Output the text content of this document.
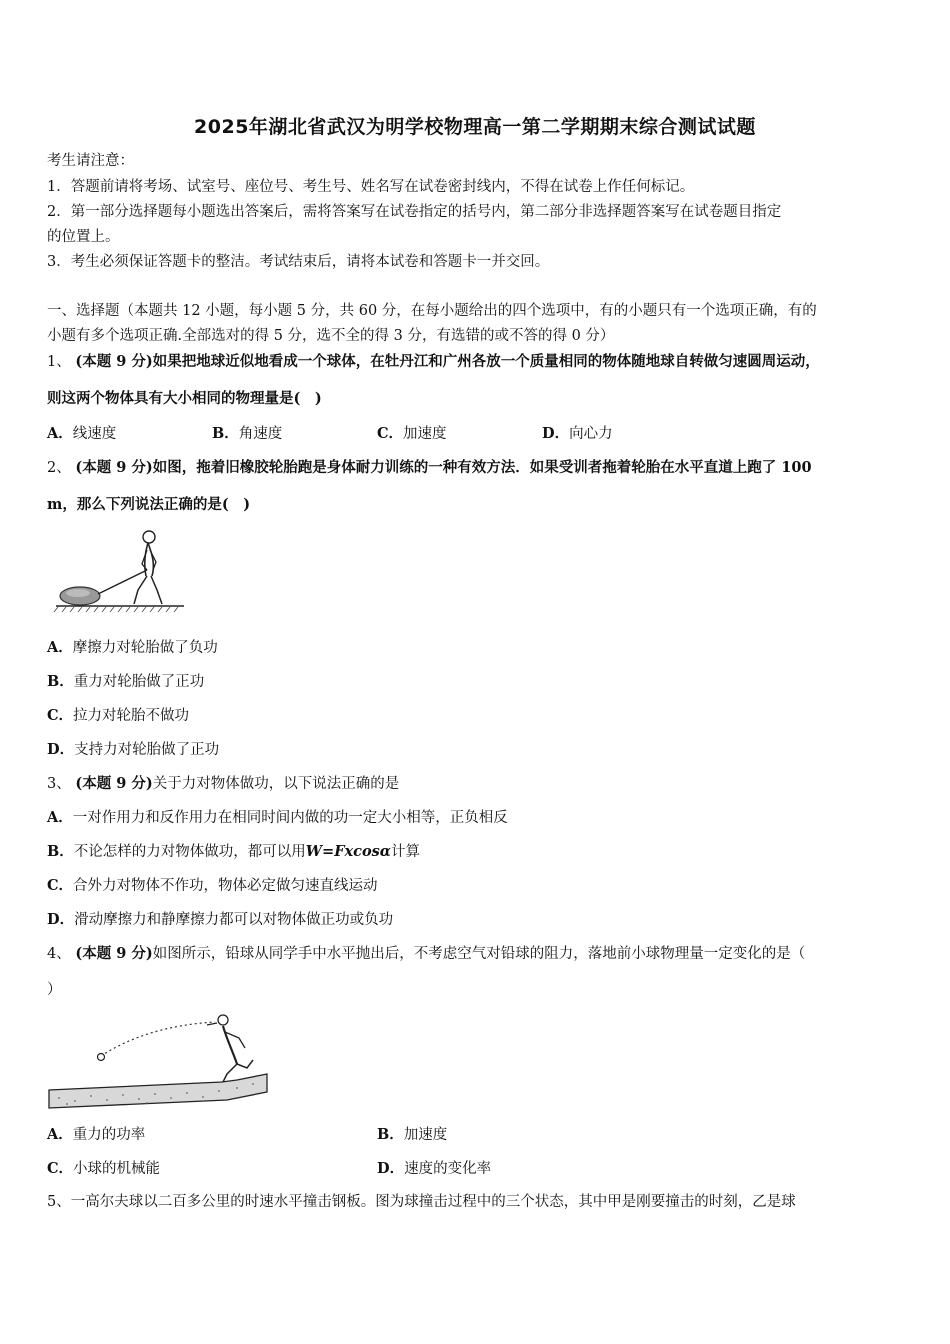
2025年湖北省武汉为明学校物理高一第二学期期末综合测试试题
考生请注意：
1．答题前请将考场、试室号、座位号、考生号、姓名写在试卷密封线内，不得在试卷上作任何标记。
2．第一部分选择题每小题选出答案后，需将答案写在试卷指定的括号内，第二部分非选择题答案写在试卷题目指定
的位置上。
3．考生必须保证答题卡的整洁。考试结束后，请将本试卷和答题卡一并交回。
一、选择题（本题共 12 小题，每小题 5 分，共 60 分，在每小题给出的四个选项中，有的小题只有一个选项正确，有的
小题有多个选项正确.全部选对的得 5 分，选不全的得 3 分，有选错的或不答的得 0 分）
1、 (本题 9 分)如果把地球近似地看成一个球体，在牡丹江和广州各放一个质量相同的物体随地球自转做匀速圆周运动，
则这两个物体具有大小相同的物理量是(　)
A．线速度	B．角速度	C．加速度	D．向心力
2、 (本题 9 分)如图，拖着旧橡胶轮胎跑是身体耐力训练的一种有效方法．如果受训者拖着轮胎在水平直道上跑了 100
m，那么下列说法正确的是(　)
A．摩擦力对轮胎做了负功
B．重力对轮胎做了正功
C．拉力对轮胎不做功
D．支持力对轮胎做了正功
3、 (本题 9 分)关于力对物体做功，以下说法正确的是
A．一对作用力和反作用力在相同时间内做的功一定大小相等，正负相反
B．不论怎样的力对物体做功，都可以用W=Fxcosα计算
C．合外力对物体不作功，物体必定做匀速直线运动
D．滑动摩擦力和静摩擦力都可以对物体做正功或负功
4、 (本题 9 分)如图所示，铅球从同学手中水平抛出后，不考虑空气对铅球的阻力，落地前小球物理量一定变化的是（
）
A．重力的功率	B．加速度
C．小球的机械能	D．速度的变化率
5、一高尔夫球以二百多公里的时速水平撞击钢板。图为球撞击过程中的三个状态，其中甲是刚要撞击的时刻，乙是球
